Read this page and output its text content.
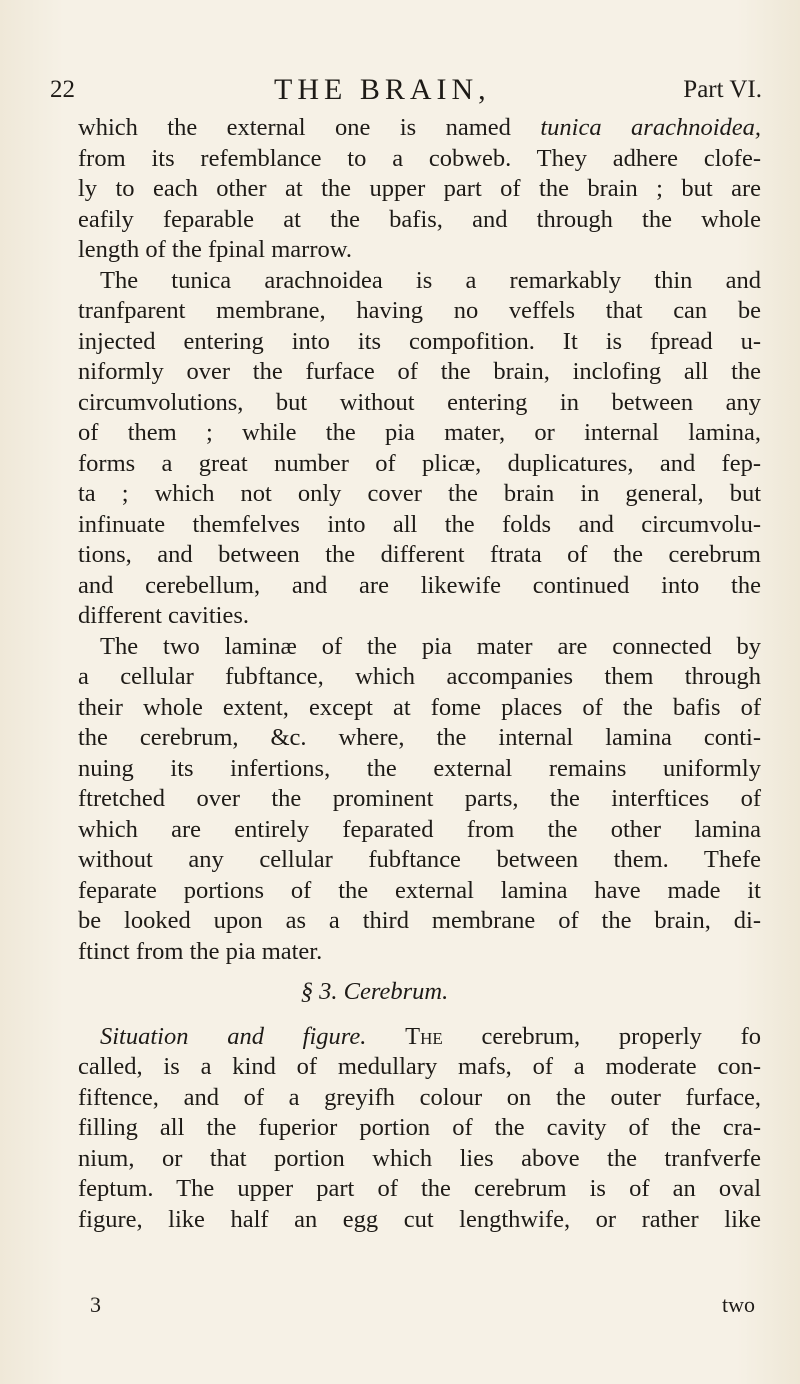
22	THE BRAIN,	Part VI.
which the external one is named tunica arachnoidea,
from its refemblance to a cobweb. They adhere clofe-
ly to each other at the upper part of the brain ; but are
eafily feparable at the bafis, and through the whole
length of the fpinal marrow.
The tunica arachnoidea is a remarkably thin and
tranfparent membrane, having no veffels that can be
injected entering into its compofition. It is fpread u-
niformly over the furface of the brain, inclofing all the
circumvolutions, but without entering in between any
of them ; while the pia mater, or internal lamina,
forms a great number of plicæ, duplicatures, and fep-
ta ; which not only cover the brain in general, but
infinuate themfelves into all the folds and circumvolu-
tions, and between the different ftrata of the cerebrum
and cerebellum, and are likewife continued into the
different cavities.
The two laminæ of the pia mater are connected by
a cellular fubftance, which accompanies them through
their whole extent, except at fome places of the bafis of
the cerebrum, &c. where, the internal lamina conti-
nuing its infertions, the external remains uniformly
ftretched over the prominent parts, the interftices of
which are entirely feparated from the other lamina
without any cellular fubftance between them. Thefe
feparate portions of the external lamina have made it
be looked upon as a third membrane of the brain, di-
ftinct from the pia mater.
§ 3. Cerebrum.
Situation and figure. The cerebrum, properly fo
called, is a kind of medullary mafs, of a moderate con-
fiftence, and of a greyifh colour on the outer furface,
filling all the fuperior portion of the cavity of the cra-
nium, or that portion which lies above the tranfverfe
feptum. The upper part of the cerebrum is of an oval
figure, like half an egg cut lengthwife, or rather like
3	two
